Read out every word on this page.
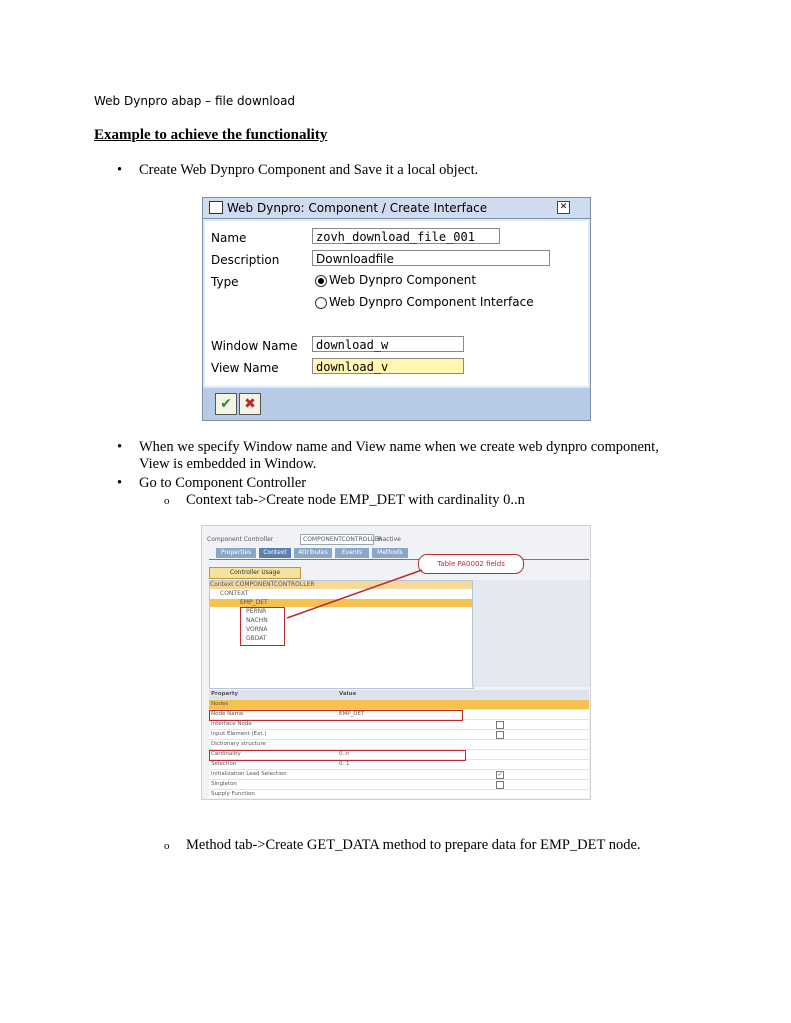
Web Dynpro abap – file download
Example to achieve the functionality
• Create Web Dynpro Component and Save it a local object.
Web Dynpro: Component / Create Interface	✕
Name	zovh_download_file_001
Description	Downloadfile
Type	Web Dynpro Component
Web Dynpro Component Interface
Window Name	download_w
View Name	download_v
✔ ✖
• When we specify Window name and View name when we create web dynpro component,
View is embedded in Window.
• Go to Component Controller
o Context tab->Create node EMP_DET with cardinality 0..n
Component Controller	COMPONENTCONTROLLER
Inactive
Properties	Context	Attributes	Events	Methods
Controller Usage
Context COMPONENTCONTROLLER
CONTEXT
EMP_DET
PERNR
NACHN
VORNA
GBDAT
Table PA0002 fields
Property	Value
Nodes
Node Name	EMP_DET
Interface Node
Input Element (Ext.)
Dictionary structure
Cardinality	0..n
Selection	0..1
Initialization Lead Selection	✓
Singleton
Supply Function
o Method tab->Create GET_DATA method to prepare data for EMP_DET node.
